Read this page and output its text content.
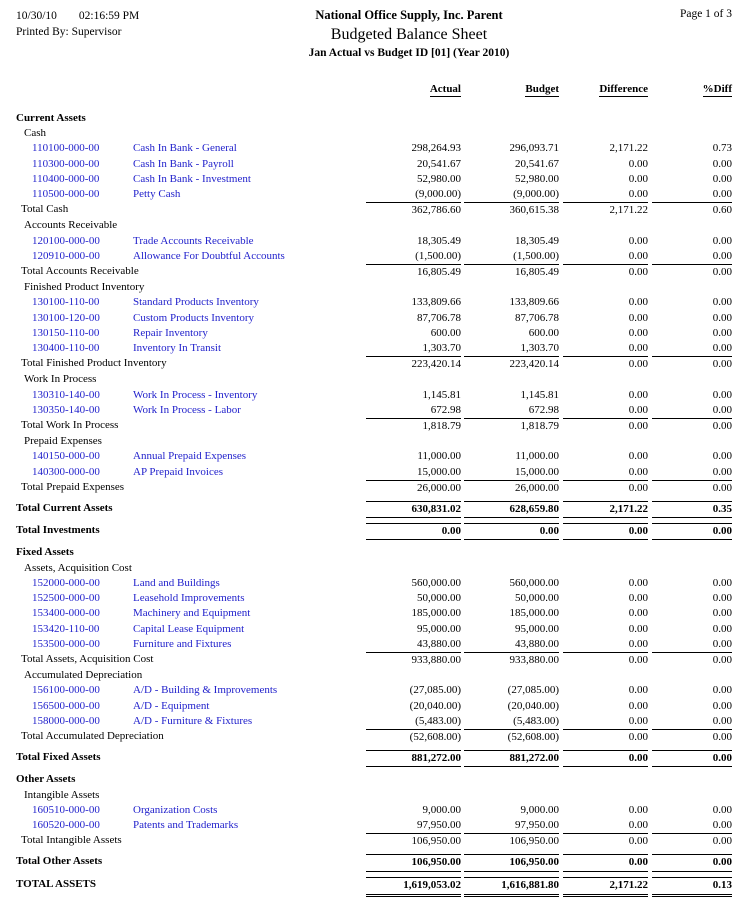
10/30/10 02:16:59 PM
Printed By: Supervisor
National Office Supply, Inc. Parent
Budgeted Balance Sheet
Jan Actual vs Budget ID [01] (Year 2010)
Page 1 of 3
Actual	Budget	Difference	%Diff
Current Assets
Cash
110100-000-00	Cash In Bank - General	298,264.93	296,093.71	2,171.22	0.73
110300-000-00	Cash In Bank - Payroll	20,541.67	20,541.67	0.00	0.00
110400-000-00	Cash In Bank - Investment	52,980.00	52,980.00	0.00	0.00
110500-000-00	Petty Cash	(9,000.00)	(9,000.00)	0.00	0.00
Total Cash	362,786.60	360,615.38	2,171.22	0.60
Accounts Receivable
120100-000-00	Trade Accounts Receivable	18,305.49	18,305.49	0.00	0.00
120910-000-00	Allowance For Doubtful Accounts	(1,500.00)	(1,500.00)	0.00	0.00
Total Accounts Receivable	16,805.49	16,805.49	0.00	0.00
Finished Product Inventory
130100-110-00	Standard Products Inventory	133,809.66	133,809.66	0.00	0.00
130100-120-00	Custom Products Inventory	87,706.78	87,706.78	0.00	0.00
130150-110-00	Repair Inventory	600.00	600.00	0.00	0.00
130400-110-00	Inventory In Transit	1,303.70	1,303.70	0.00	0.00
Total Finished Product Inventory	223,420.14	223,420.14	0.00	0.00
Work In Process
130310-140-00	Work In Process - Inventory	1,145.81	1,145.81	0.00	0.00
130350-140-00	Work In Process - Labor	672.98	672.98	0.00	0.00
Total Work In Process	1,818.79	1,818.79	0.00	0.00
Prepaid Expenses
140150-000-00	Annual Prepaid Expenses	11,000.00	11,000.00	0.00	0.00
140300-000-00	AP Prepaid Invoices	15,000.00	15,000.00	0.00	0.00
Total Prepaid Expenses	26,000.00	26,000.00	0.00	0.00
Total Current Assets	630,831.02	628,659.80	2,171.22	0.35
Total Investments	0.00	0.00	0.00	0.00
Fixed Assets
Assets, Acquisition Cost
152000-000-00	Land and Buildings	560,000.00	560,000.00	0.00	0.00
152500-000-00	Leasehold Improvements	50,000.00	50,000.00	0.00	0.00
153400-000-00	Machinery and Equipment	185,000.00	185,000.00	0.00	0.00
153420-110-00	Capital Lease Equipment	95,000.00	95,000.00	0.00	0.00
153500-000-00	Furniture and Fixtures	43,880.00	43,880.00	0.00	0.00
Total Assets, Acquisition Cost	933,880.00	933,880.00	0.00	0.00
Accumulated Depreciation
156100-000-00	A/D - Building & Improvements	(27,085.00)	(27,085.00)	0.00	0.00
156500-000-00	A/D - Equipment	(20,040.00)	(20,040.00)	0.00	0.00
158000-000-00	A/D - Furniture & Fixtures	(5,483.00)	(5,483.00)	0.00	0.00
Total Accumulated Depreciation	(52,608.00)	(52,608.00)	0.00	0.00
Total Fixed Assets	881,272.00	881,272.00	0.00	0.00
Other Assets
Intangible Assets
160510-000-00	Organization Costs	9,000.00	9,000.00	0.00	0.00
160520-000-00	Patents and Trademarks	97,950.00	97,950.00	0.00	0.00
Total Intangible Assets	106,950.00	106,950.00	0.00	0.00
Total Other Assets	106,950.00	106,950.00	0.00	0.00
TOTAL ASSETS	1,619,053.02	1,616,881.80	2,171.22	0.13
